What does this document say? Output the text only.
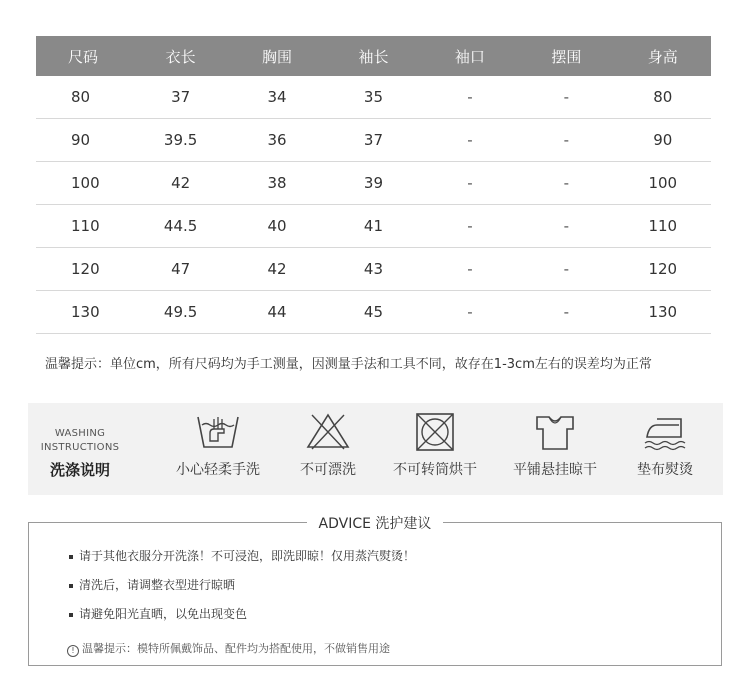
尺码	衣长	胸围	袖长	袖口	摆围	身高
80	37	34	35	-	-	80
90	39.5	36	37	-	-	90
100	42	38	39	-	-	100
110	44.5	40	41	-	-	110
120	47	42	43	-	-	120
130	49.5	44	45	-	-	130
温馨提示：单位cm，所有尺码均为手工测量，因测量手法和工具不同，故存在1-3cm左右的误差均为正常
WASHING
INSTRUCTIONS
洗涤说明	小心轻柔手洗	不可漂洗	不可转筒烘干	平铺悬挂晾干	垫布熨烫
ADVICE 洗护建议
请于其他衣服分开洗涤！不可浸泡，即洗即晾！仅用蒸汽熨烫！
清洗后，请调整衣型进行晾晒
请避免阳光直晒，以免出现变色
! 温馨提示：模特所佩戴饰品、配件均为搭配使用，不做销售用途
